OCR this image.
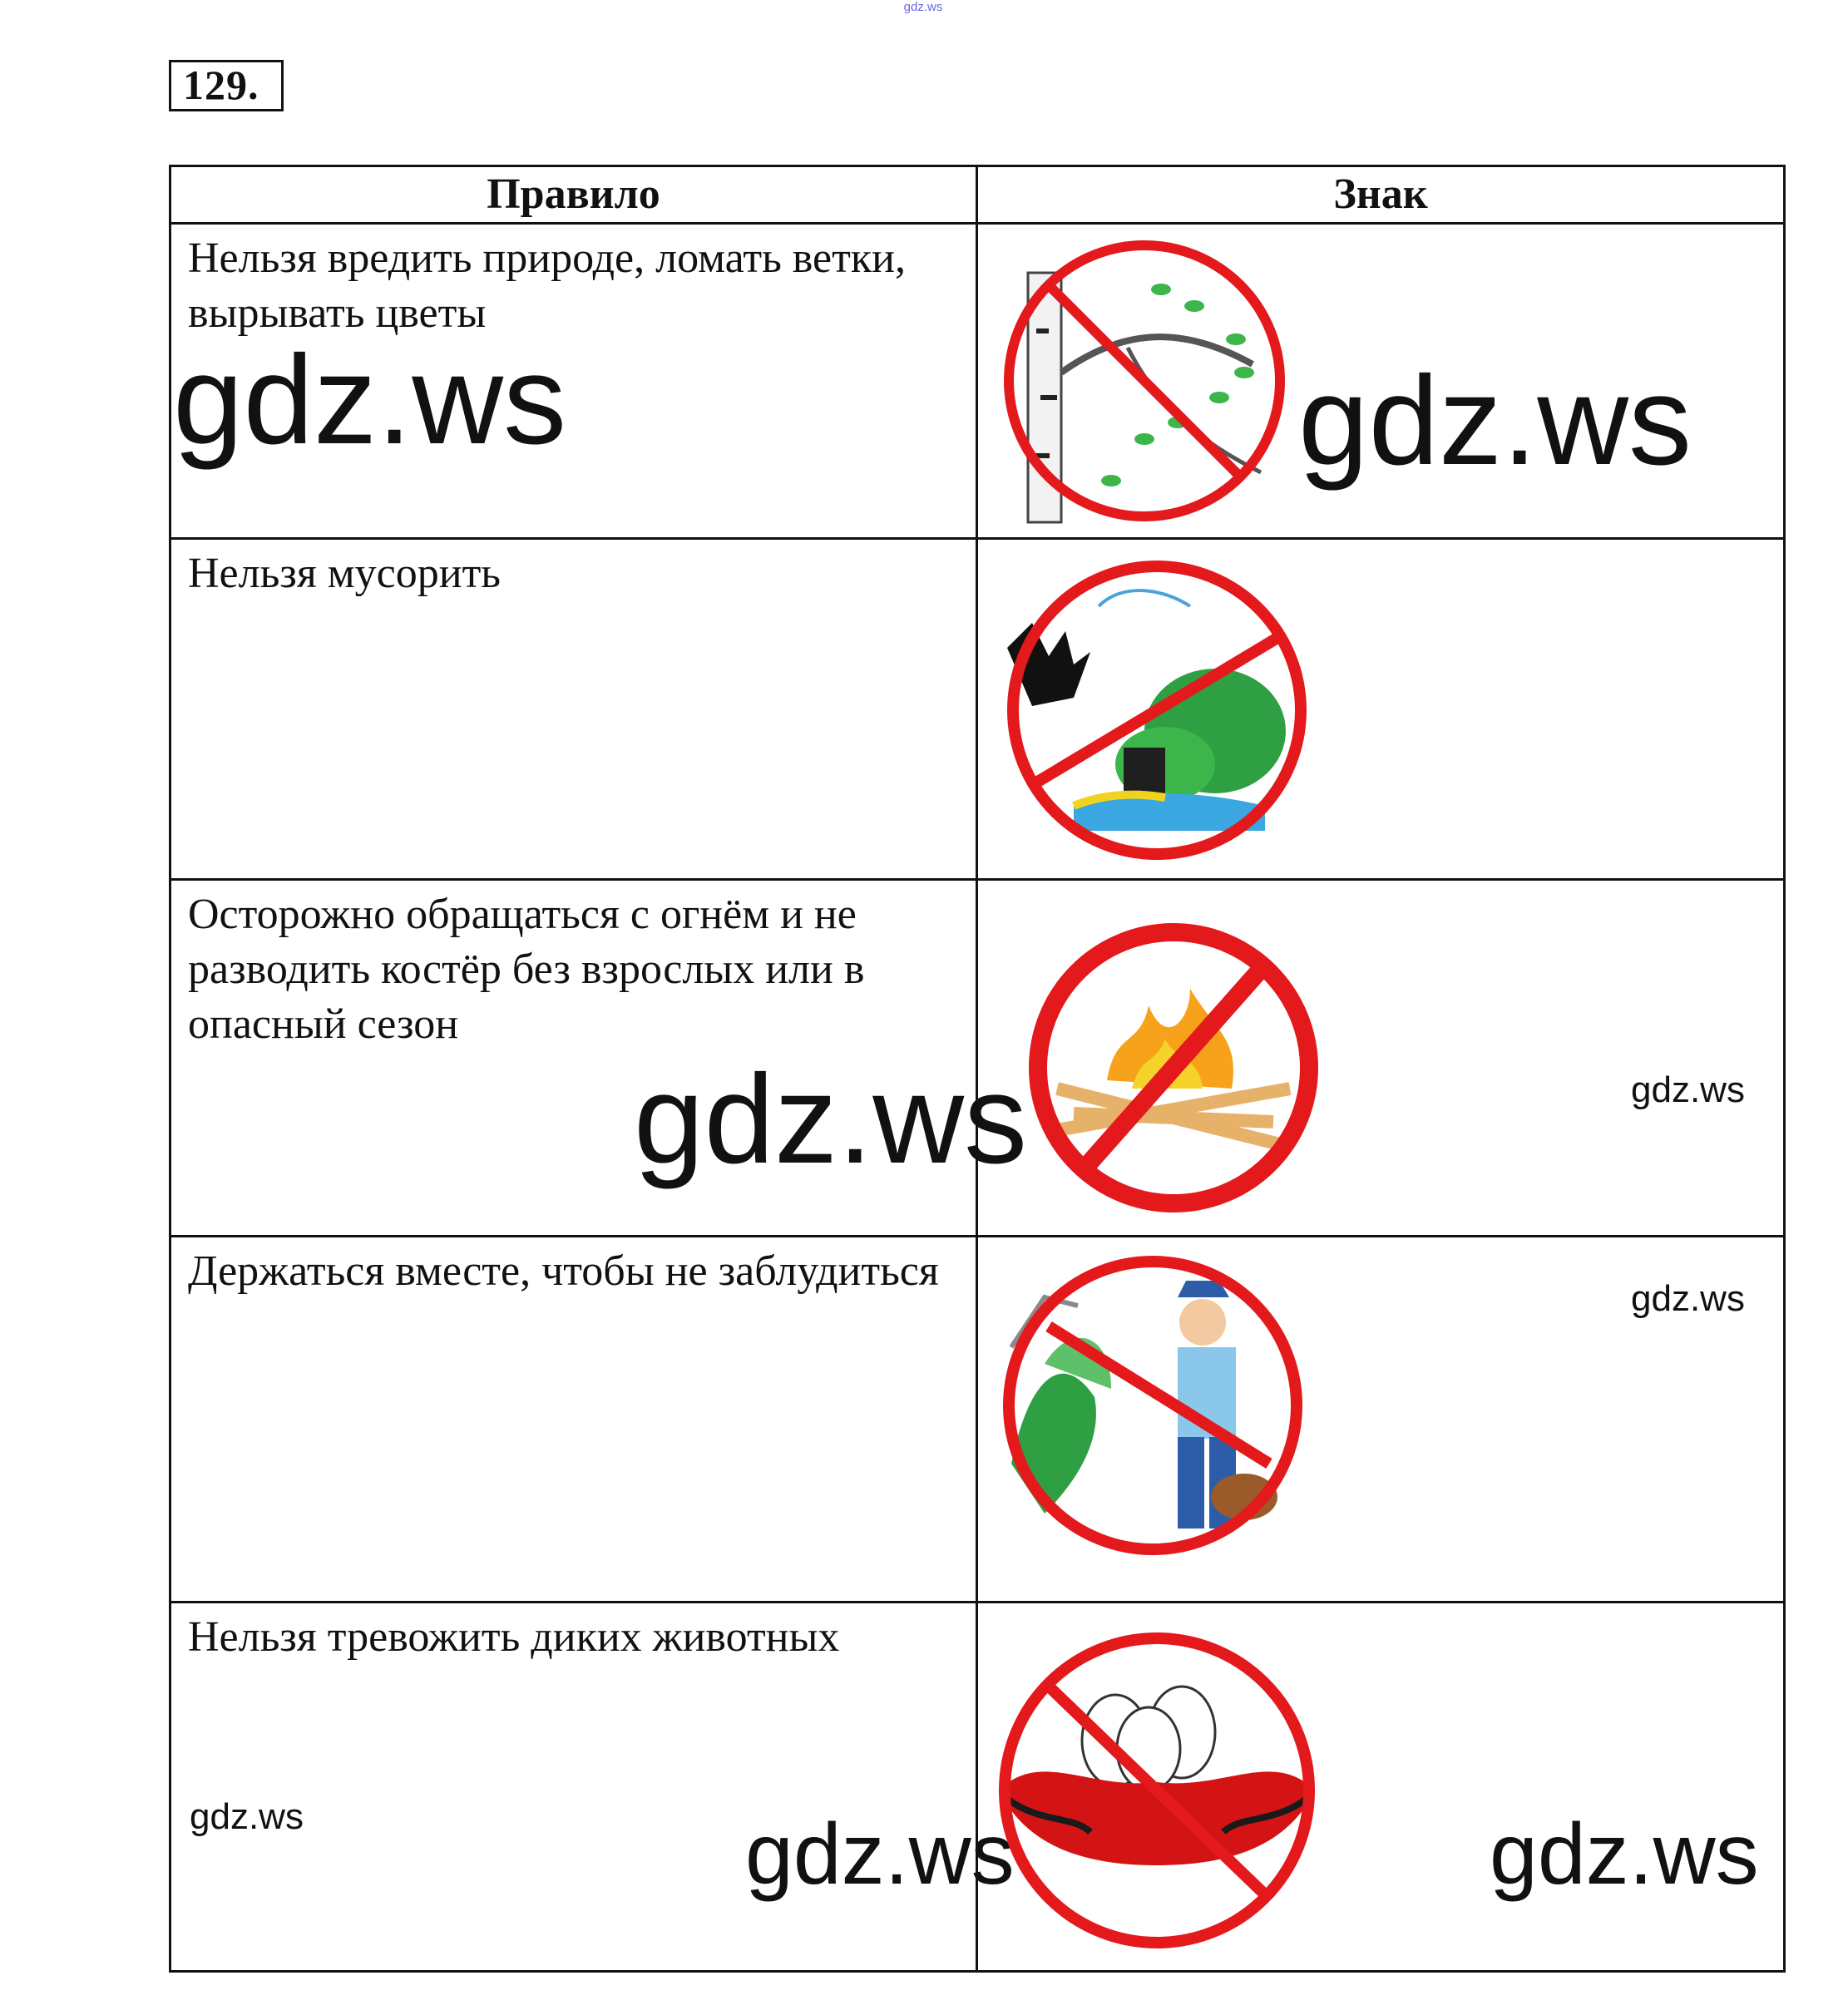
gdz.ws
129.
Правило	Знак

Нельзя вредить природе, ломать ветки, вырывать цветы	gdz.ws

Нельзя мусорить

Осторожно обращаться с огнём и не разводить костёр без взрослых или в опасный сезон	gdz.ws

Держаться вместе, чтобы не заблудиться	gdz.ws

Нельзя тревожить диких животных
gdz.ws gdz.ws	gdz.ws
gdz.ws
gdz.ws
